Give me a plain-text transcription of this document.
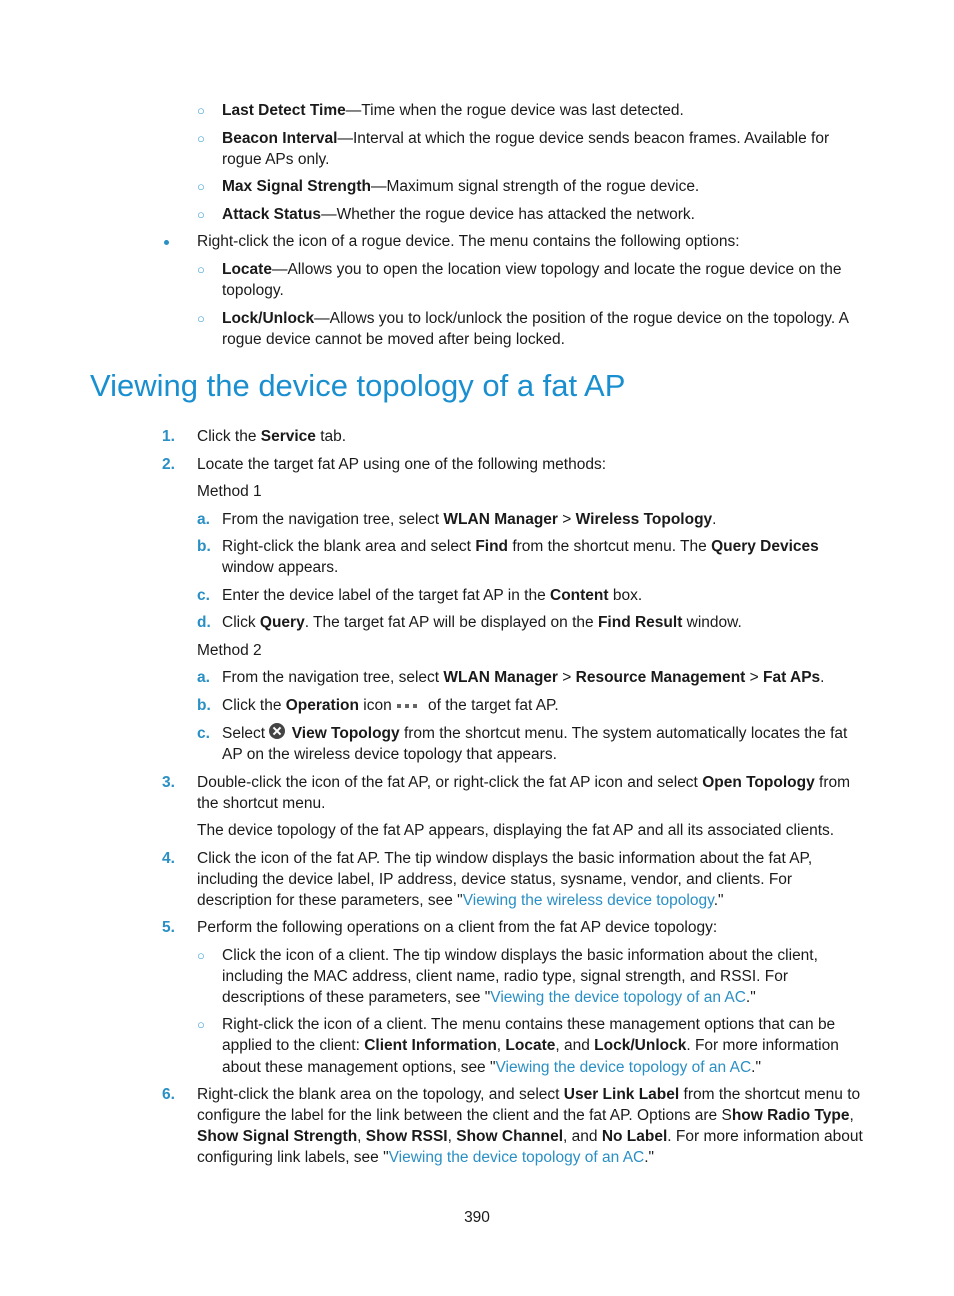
○ Last Detect Time—Time when the rogue device was last detected.
○ Beacon Interval—Interval at which the rogue device sends beacon frames. Available for
rogue APs only.
○ Max Signal Strength—Maximum signal strength of the rogue device.
○ Attack Status—Whether the rogue device has attacked the network.
Right-click the icon of a rogue device. The menu contains the following options:
○ Locate—Allows you to open the location view topology and locate the rogue device on the
topology.
○ Lock/Unlock—Allows you to lock/unlock the position of the rogue device on the topology. A
rogue device cannot be moved after being locked.
Viewing the device topology of a fat AP
1. Click the Service tab.
2. Locate the target fat AP using one of the following methods:
Method 1
a. From the navigation tree, select WLAN Manager > Wireless Topology.
b. Right-click the blank area and select Find from the shortcut menu. The Query Devices
window appears.
c. Enter the device label of the target fat AP in the Content box.
d. Click Query. The target fat AP will be displayed on the Find Result window.
Method 2
a. From the navigation tree, select WLAN Manager > Resource Management > Fat APs.
b. Click the Operation icon
of the target fat AP.
c. Select  View Topology from the shortcut menu. The system automatically locates the fat
AP on the wireless device topology that appears.
3. Double-click the icon of the fat AP, or right-click the fat AP icon and select Open Topology from
the shortcut menu.
The device topology of the fat AP appears, displaying the fat AP and all its associated clients.
4. Click the icon of the fat AP. The tip window displays the basic information about the fat AP,
including the device label, IP address, device status, sysname, vendor, and clients. For
description for these parameters, see "Viewing the wireless device topology."
5. Perform the following operations on a client from the fat AP device topology:
○ Click the icon of a client. The tip window displays the basic information about the client,
including the MAC address, client name, radio type, signal strength, and RSSI. For
descriptions of these parameters, see "Viewing the device topology of an AC."
○ Right-click the icon of a client. The menu contains these management options that can be
applied to the client: Client Information, Locate, and Lock/Unlock. For more information
about these management options, see "Viewing the device topology of an AC."
6. Right-click the blank area on the topology, and select User Link Label from the shortcut menu to
configure the label for the link between the client and the fat AP. Options are Show Radio Type,
Show Signal Strength, Show RSSI, Show Channel, and No Label. For more information about
configuring link labels, see "Viewing the device topology of an AC."
390
